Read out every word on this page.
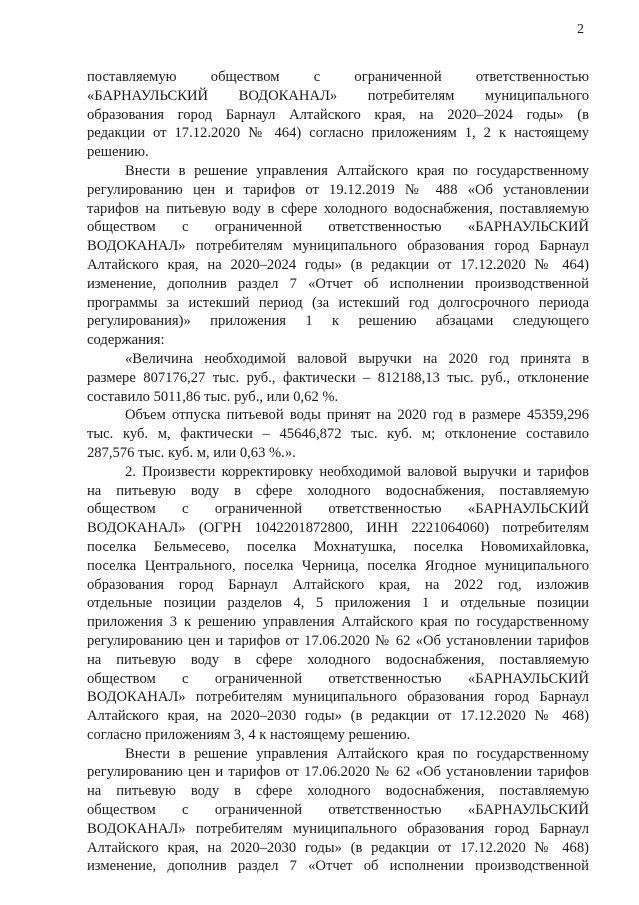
2
поставляемую обществом с ограниченной ответственностью
«БАРНАУЛЬСКИЙ ВОДОКАНАЛ» потребителям муниципального
образования город Барнаул Алтайского края, на 2020–2024 годы» (в
редакции от 17.12.2020 № 464) согласно приложениям 1, 2 к настоящему
решению.
Внести в решение управления Алтайского края по государственному
регулированию цен и тарифов от 19.12.2019 № 488 «Об установлении
тарифов на питьевую воду в сфере холодного водоснабжения, поставляемую
обществом с ограниченной ответственностью «БАРНАУЛЬСКИЙ
ВОДОКАНАЛ» потребителям муниципального образования город Барнаул
Алтайского края, на 2020–2024 годы» (в редакции от 17.12.2020 № 464)
изменение, дополнив раздел 7 «Отчет об исполнении производственной
программы за истекший период (за истекший год долгосрочного периода
регулирования)» приложения 1 к решению абзацами следующего
содержания:
«Величина необходимой валовой выручки на 2020 год принята в
размере 807176,27 тыс. руб., фактически – 812188,13 тыс. руб., отклонение
составило 5011,86 тыс. руб., или 0,62 %.
Объем отпуска питьевой воды принят на 2020 год в размере 45359,296
тыс. куб. м, фактически – 45646,872 тыс. куб. м; отклонение составило
287,576 тыс. куб. м, или 0,63 %.».
2. Произвести корректировку необходимой валовой выручки и тарифов
на питьевую воду в сфере холодного водоснабжения, поставляемую
обществом с ограниченной ответственностью «БАРНАУЛЬСКИЙ
ВОДОКАНАЛ» (ОГРН 1042201872800, ИНН 2221064060) потребителям
поселка Бельмесево, поселка Мохнатушка, поселка Новомихайловка,
поселка Центрального, поселка Черница, поселка Ягодное муниципального
образования город Барнаул Алтайского края, на 2022 год, изложив
отдельные позиции разделов 4, 5 приложения 1 и отдельные позиции
приложения 3 к решению управления Алтайского края по государственному
регулированию цен и тарифов от 17.06.2020 № 62 «Об установлении тарифов
на питьевую воду в сфере холодного водоснабжения, поставляемую
обществом с ограниченной ответственностью «БАРНАУЛЬСКИЙ
ВОДОКАНАЛ» потребителям муниципального образования город Барнаул
Алтайского края, на 2020–2030 годы» (в редакции от 17.12.2020 № 468)
согласно приложениям 3, 4 к настоящему решению.
Внести в решение управления Алтайского края по государственному
регулированию цен и тарифов от 17.06.2020 № 62 «Об установлении тарифов
на питьевую воду в сфере холодного водоснабжения, поставляемую
обществом с ограниченной ответственностью «БАРНАУЛЬСКИЙ
ВОДОКАНАЛ» потребителям муниципального образования город Барнаул
Алтайского края, на 2020–2030 годы» (в редакции от 17.12.2020 № 468)
изменение, дополнив раздел 7 «Отчет об исполнении производственной
